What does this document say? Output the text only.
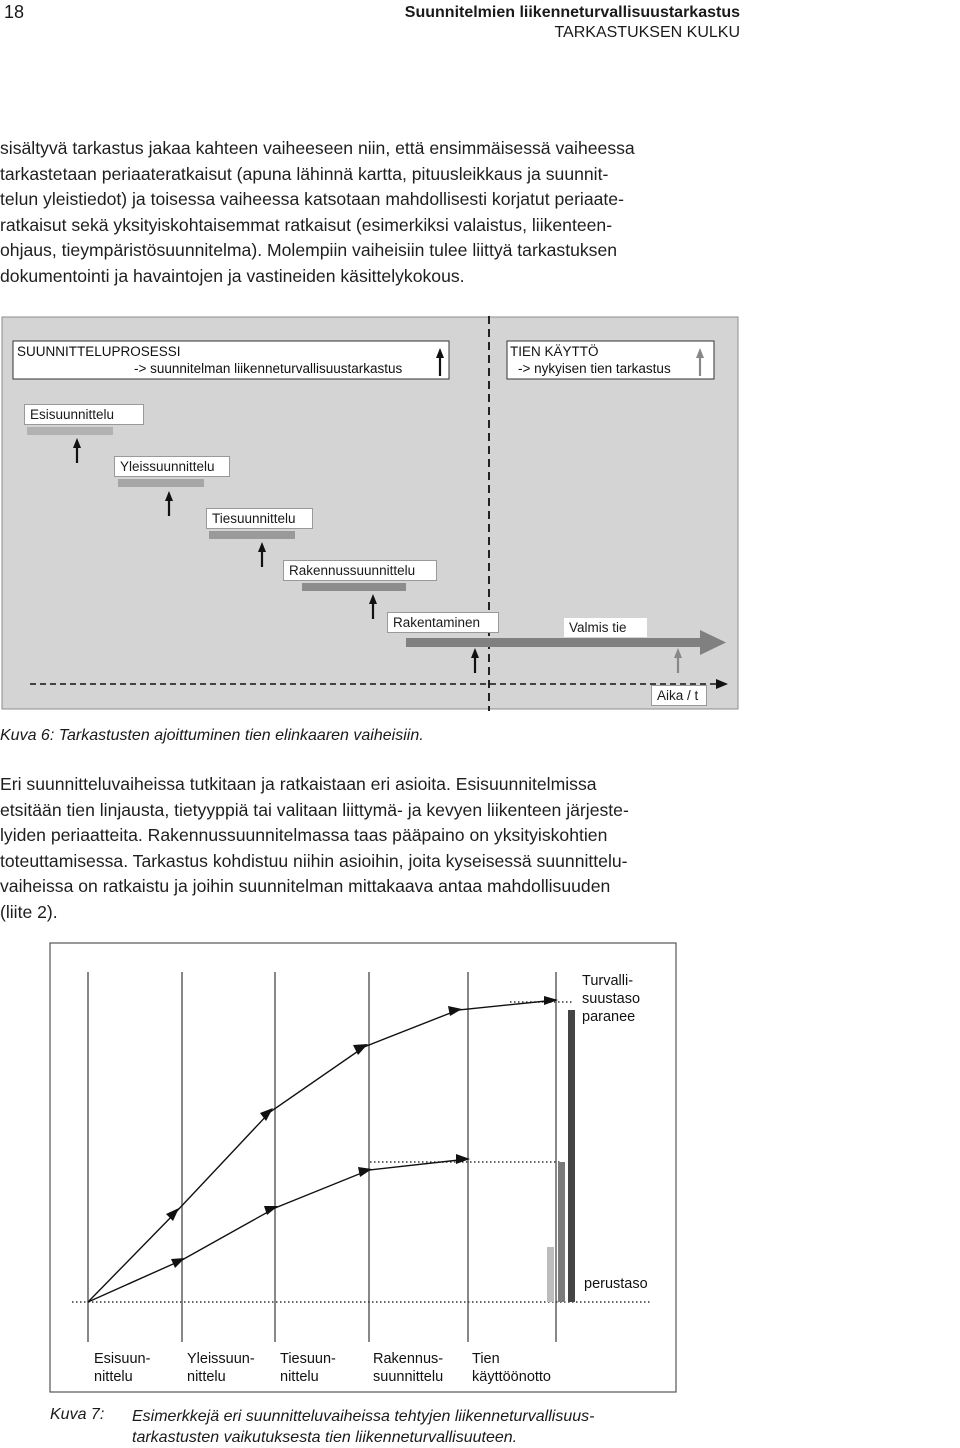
18	Suunnitelmien liikenneturvallisuustarkastus
TARKASTUKSEN KULKU
sisältyvä tarkastus jakaa kahteen vaiheeseen niin, että ensimmäisessä vaiheessa
tarkastetaan periaateratkaisut (apuna lähinnä kartta, pituusleikkaus ja suunnit-
telun yleistiedot) ja toisessa vaiheessa katsotaan mahdollisesti korjatut periaate-
ratkaisut sekä yksityiskohtaisemmat ratkaisut (esimerkiksi valaistus, liikenteen-
ohjaus, tieympäristösuunnitelma). Molempiin vaiheisiin tulee liittyä tarkastuksen
dokumentointi ja havaintojen ja vastineiden käsittelykokous.
SUUNNITTELUPROSESSI
-> suunnitelman liikenneturvallisuustarkastus
TIEN KÄYTTÖ
-> nykyisen tien tarkastus
Esisuunnittelu
Yleissuunnittelu
Tiesuunnittelu
Rakennussuunnittelu
Rakentaminen	Valmis tie
Aika / t
Kuva 6: Tarkastusten ajoittuminen tien elinkaaren vaiheisiin.
Eri suunnitteluvaiheissa tutkitaan ja ratkaistaan eri asioita. Esisuunnitelmissa
etsitään tien linjausta, tietyyppiä tai valitaan liittymä- ja kevyen liikenteen järjeste-
lyiden periaatteita. Rakennussuunnitelmassa taas pääpaino on yksityiskohtien
toteuttamisessa. Tarkastus kohdistuu niihin asioihin, joita kyseisessä suunnittelu-
vaiheissa on ratkaistu ja joihin suunnitelman mittakaava antaa mahdollisuuden
(liite 2).
Turvalli-
suustaso
paranee
perustaso
Esisuun-
nittelu
Yleissuun-
nittelu
Tiesuun-
nittelu
Rakennus-
suunnittelu
Tien
käyttöönotto
Kuva 7: Esimerkkejä eri suunnitteluvaiheissa tehtyjen liikenneturvallisuus-
tarkastusten vaikutuksesta tien liikenneturvallisuuteen.
